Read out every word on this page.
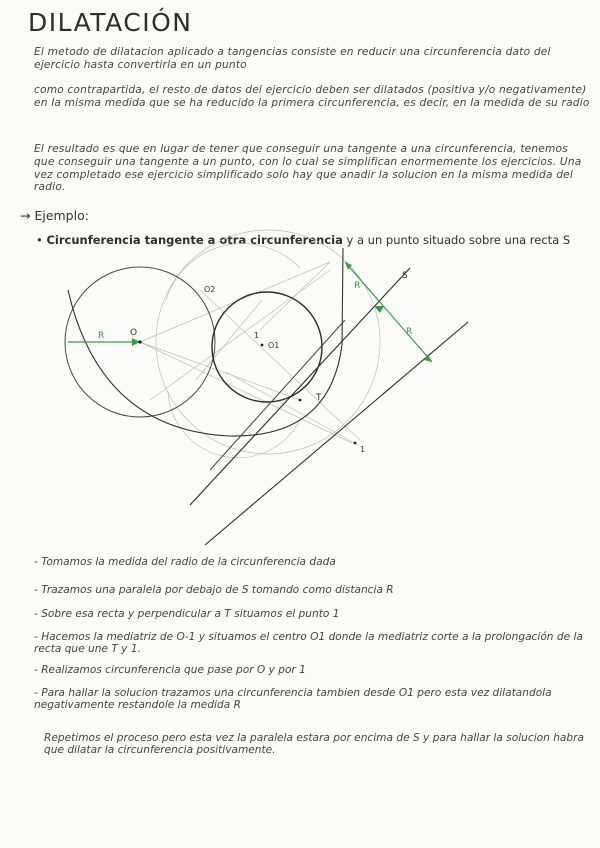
DILATACIÓN
El metodo de dilatacion aplicado a tangencias consiste en reducir una circunferencia dato del ejercicio hasta convertirla en un punto
como contrapartida, el resto de datos del ejercicio deben ser dilatados (positiva y/o negativamente) en la misma medida que se ha reducido la primera circunferencia, es decir, en la medida de su radio
El resultado es que en lugar de tener que conseguir una tangente a una circunferencia, tenemos que conseguir una tangente a un punto, con lo cual se simplifican enormemente los ejercicios. Una vez completado ese ejercicio simplificado solo hay que anadir la solucion en la misma medida del radio.
→ Ejemplo:
• Circunferencia tangente a otra circunferencia y a un punto situado sobre una recta S
R	O
O2
1
O1
T
1
S
R
R
- Tomamos la medida del radio de la circunferencia dada
- Trazamos una paralela por debajo de S tomando como distancia R
- Sobre esa recta y perpendicular a T situamos el punto 1
- Hacemos la mediatriz de O-1 y situamos el centro O1 donde la mediatriz corte a la prolongación de la recta que une T y 1.
- Realizamos circunferencia que pase por O y por 1
- Para hallar la solucion trazamos una circunferencia tambien desde O1 pero esta vez dilatandola negativamente restandole la medida R
Repetimos el proceso pero esta vez la paralela estara por encima de S y para hallar la solucion habra que dilatar la circunferencia positivamente.
